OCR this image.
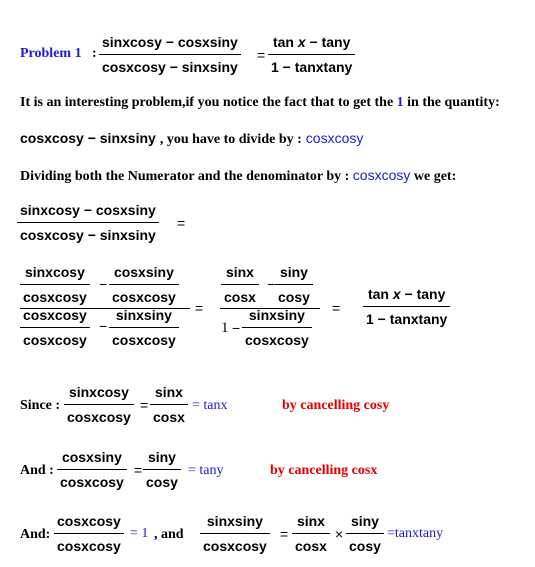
Problem 1 :
sinxcosy − cosxsiny
cosxcosy − sinxsiny
=
tan x − tany
1 − tanxtany
It is an interesting problem,if you notice the fact that to get the 1 in the quantity:
cosxcosy − sinxsiny , you have to divide by : cosxcosy
Dividing both the Numerator and the denominator by : cosxcosy we get:
sinxcosy − cosxsiny
cosxcosy − sinxsiny
=
sinxcosy
cosxcosy
−
cosxsiny
cosxcosy
cosxcosy
cosxcosy
−
sinxsiny
cosxcosy
=
sinx
cosx
−
siny
cosy
1 −
sinxsiny
cosxcosy
=
tan x − tany
1 − tanxtany
Since :
sinxcosy
cosxcosy
=
sinx
cosx
= tanx	by cancelling cosy
And :
cosxsiny
cosxcosy
=
siny
cosy
= tany	by cancelling cosx
And:
cosxcosy
cosxcosy
= 1 , and
sinxsiny
cosxcosy
=
sinx
cosx
×
siny
cosy
=tanxtany
